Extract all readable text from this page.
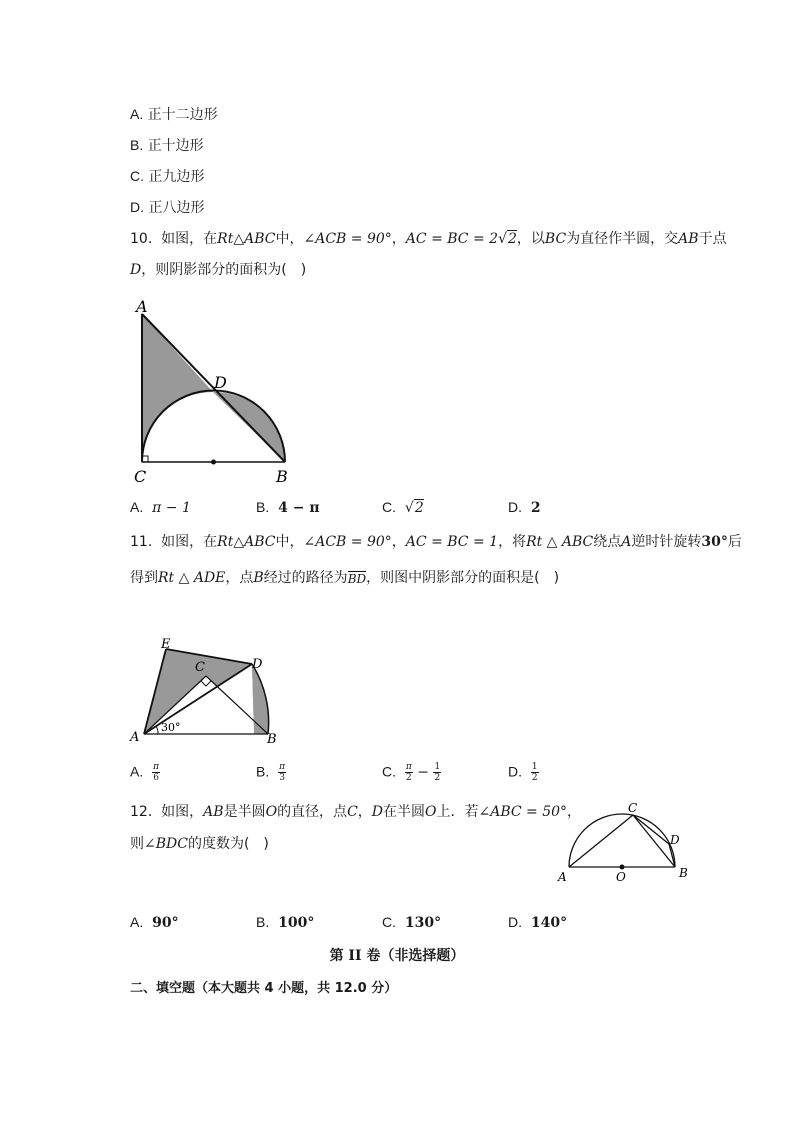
A. 正十二边形
B. 正十边形
C. 正九边形
D. 正八边形
10. 如图，在Rt△ABC中，∠ACB = 90°，AC = BC = 2√2，以BC为直径作半圆，交AB于点
D，则阴影部分的面积为(　)
A
D
C	B
A. π − 1	B. 4 − π	C. √2	D. 2
11. 如图，在Rt△ABC中，∠ACB = 90°，AC = BC = 1，将Rt △ ABC绕点A逆时针旋转30°后
得到Rt △ ADE，点B经过的路径为BD，则图中阴影部分的面积是(　)
E
C	D
A	B
30°
A. $\frac{\pi}{6}$	B. $\frac{\pi}{3}$	C. $\frac{\pi}{2} - \frac{1}{2}$	D. $\frac{1}{2}$
12. 如图，AB是半圆O的直径，点C，D在半圆O上．若∠ABC = 50°，
则∠BDC的度数为(　)
A	O	B
C
D
A. 90°	B. 100°	C. 130°	D. 140°
第 II 卷（非选择题）
二、填空题（本大题共 4 小题，共 12.0 分）
